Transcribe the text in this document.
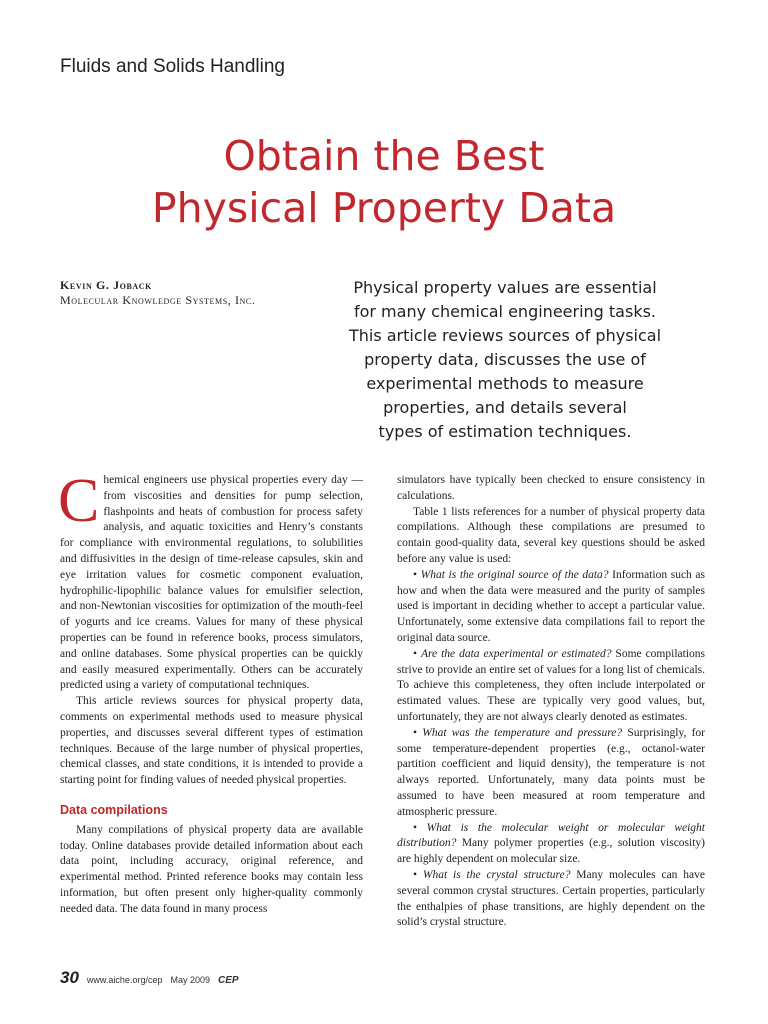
Fluids and Solids Handling
Obtain the Best
Physical Property Data
Kevin G. Joback
Molecular Knowledge Systems, Inc.
Physical property values are essential
for many chemical engineering tasks.
This article reviews sources of physical
property data, discusses the use of
experimental methods to measure
properties, and details several
types of estimation techniques.

Chemical engineers use physical properties every day — from viscosities and densities for pump selection, flashpoints and heats of combustion for process safety analysis, and aquatic toxicities and Henry’s constants for compliance with environmental regulations, to solubilities and diffusivities in the design of time-release capsules, skin and eye irritation values for cosmetic component evaluation, hydrophilic-lipophilic balance values for emulsifier selection, and non-Newtonian viscosities for optimization of the mouth-feel of yogurts and ice creams. Values for many of these physical properties can be found in reference books, process simulators, and online databases. Some physical properties can be quickly and easily measured experimentally. Others can be accurately predicted using a variety of computational techniques.

This article reviews sources for physical property data, comments on experimental methods used to measure physical properties, and discusses several different types of estimation techniques. Because of the large number of physical properties, chemical classes, and state conditions, it is intended to provide a starting point for finding values of needed physical properties.

Data compilations

Many compilations of physical property data are available today. Online databases provide detailed information about each data point, including accuracy, original reference, and experimental method. Printed reference books may contain less information, but often present only higher-quality commonly needed data. The data found in many process

simulators have typically been checked to ensure consistency in calculations.

Table 1 lists references for a number of physical property data compilations. Although these compilations are presumed to contain good-quality data, several key questions should be asked before any value is used:

• What is the original source of the data? Information such as how and when the data were measured and the purity of samples used is important in deciding whether to accept a particular value. Unfortunately, some extensive data compilations fail to report the original data source.

• Are the data experimental or estimated? Some compilations strive to provide an entire set of values for a long list of chemicals. To achieve this completeness, they often include interpolated or estimated values. These are typically very good values, but, unfortunately, they are not always clearly denoted as estimates.

• What was the temperature and pressure? Surprisingly, for some temperature-dependent properties (e.g., octanol-water partition coefficient and liquid density), the temperature is not always reported. Unfortunately, many data points must be assumed to have been measured at room temperature and atmospheric pressure.

• What is the molecular weight or molecular weight distribution? Many polymer properties (e.g., solution viscosity) are highly dependent on molecular size.

• What is the crystal structure? Many molecules can have several common crystal structures. Certain properties, particularly the enthalpies of phase transitions, are highly dependent on the solid’s crystal structure.

30 www.aiche.org/cep May 2009 CEP
